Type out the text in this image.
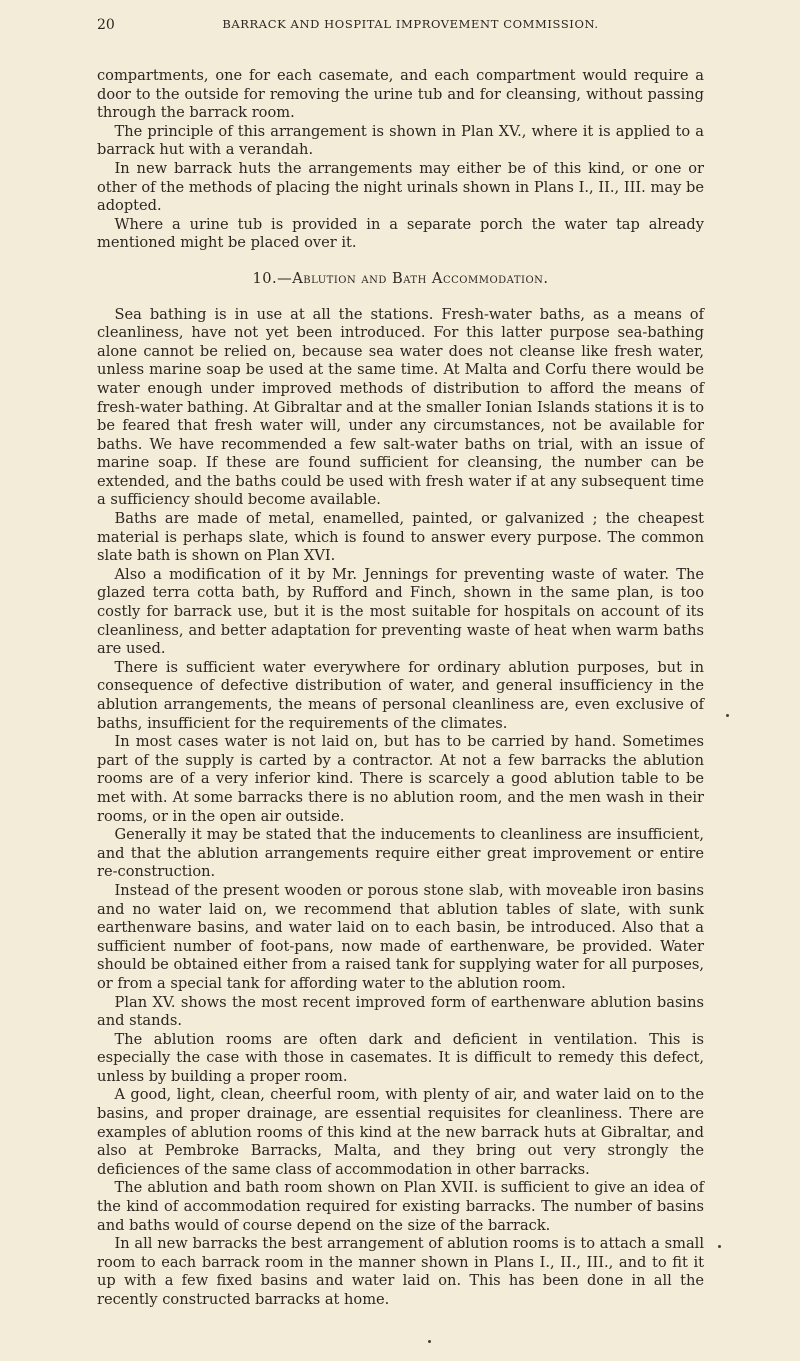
20	BARRACK AND HOSPITAL IMPROVEMENT COMMISSION.

compartments, one for each casemate, and each compartment would require a door to the outside for removing the urine tub and for cleansing, without passing through the barrack room.

The principle of this arrangement is shown in Plan XV., where it is applied to a barrack hut with a verandah.

In new barrack huts the arrangements may either be of this kind, or one or other of the methods of placing the night urinals shown in Plans I., II., III. may be adopted.

Where a urine tub is provided in a separate porch the water tap already mentioned might be placed over it.

10.—Ablution and Bath Accommodation.

Sea bathing is in use at all the stations. Fresh-water baths, as a means of cleanliness, have not yet been introduced. For this latter purpose sea-bathing alone cannot be relied on, because sea water does not cleanse like fresh water, unless marine soap be used at the same time. At Malta and Corfu there would be water enough under improved methods of distribution to afford the means of fresh-water bathing. At Gibraltar and at the smaller Ionian Islands stations it is to be feared that fresh water will, under any circumstances, not be available for baths. We have recommended a few salt-water baths on trial, with an issue of marine soap. If these are found sufficient for cleansing, the number can be extended, and the baths could be used with fresh water if at any subsequent time a sufficiency should become available.

Baths are made of metal, enamelled, painted, or galvanized ; the cheapest material is perhaps slate, which is found to answer every purpose. The common slate bath is shown on Plan XVI.

Also a modification of it by Mr. Jennings for preventing waste of water. The glazed terra cotta bath, by Rufford and Finch, shown in the same plan, is too costly for barrack use, but it is the most suitable for hospitals on account of its cleanliness, and better adaptation for preventing waste of heat when warm baths are used.

There is sufficient water everywhere for ordinary ablution purposes, but in consequence of defective distribution of water, and general insufficiency in the ablution arrangements, the means of personal cleanliness are, even exclusive of baths, insufficient for the requirements of the climates.

In most cases water is not laid on, but has to be carried by hand. Sometimes part of the supply is carted by a contractor. At not a few barracks the ablution rooms are of a very inferior kind. There is scarcely a good ablution table to be met with. At some barracks there is no ablution room, and the men wash in their rooms, or in the open air outside.

Generally it may be stated that the inducements to cleanliness are insufficient, and that the ablution arrangements require either great improvement or entire re-construction.

Instead of the present wooden or porous stone slab, with moveable iron basins and no water laid on, we recommend that ablution tables of slate, with sunk earthenware basins, and water laid on to each basin, be introduced. Also that a sufficient number of foot-pans, now made of earthenware, be provided. Water should be obtained either from a raised tank for supplying water for all purposes, or from a special tank for affording water to the ablution room.

Plan XV. shows the most recent improved form of earthenware ablution basins and stands.

The ablution rooms are often dark and deficient in ventilation. This is especially the case with those in casemates. It is difficult to remedy this defect, unless by building a proper room.

A good, light, clean, cheerful room, with plenty of air, and water laid on to the basins, and proper drainage, are essential requisites for cleanliness. There are examples of ablution rooms of this kind at the new barrack huts at Gibraltar, and also at Pembroke Barracks, Malta, and they bring out very strongly the deficiences of the same class of accommodation in other barracks.

The ablution and bath room shown on Plan XVII. is sufficient to give an idea of the kind of accommodation required for existing barracks. The number of basins and baths would of course depend on the size of the barrack.

In all new barracks the best arrangement of ablution rooms is to attach a small room to each barrack room in the manner shown in Plans I., II., III., and to fit it up with a few fixed basins and water laid on. This has been done in all the recently constructed barracks at home.
